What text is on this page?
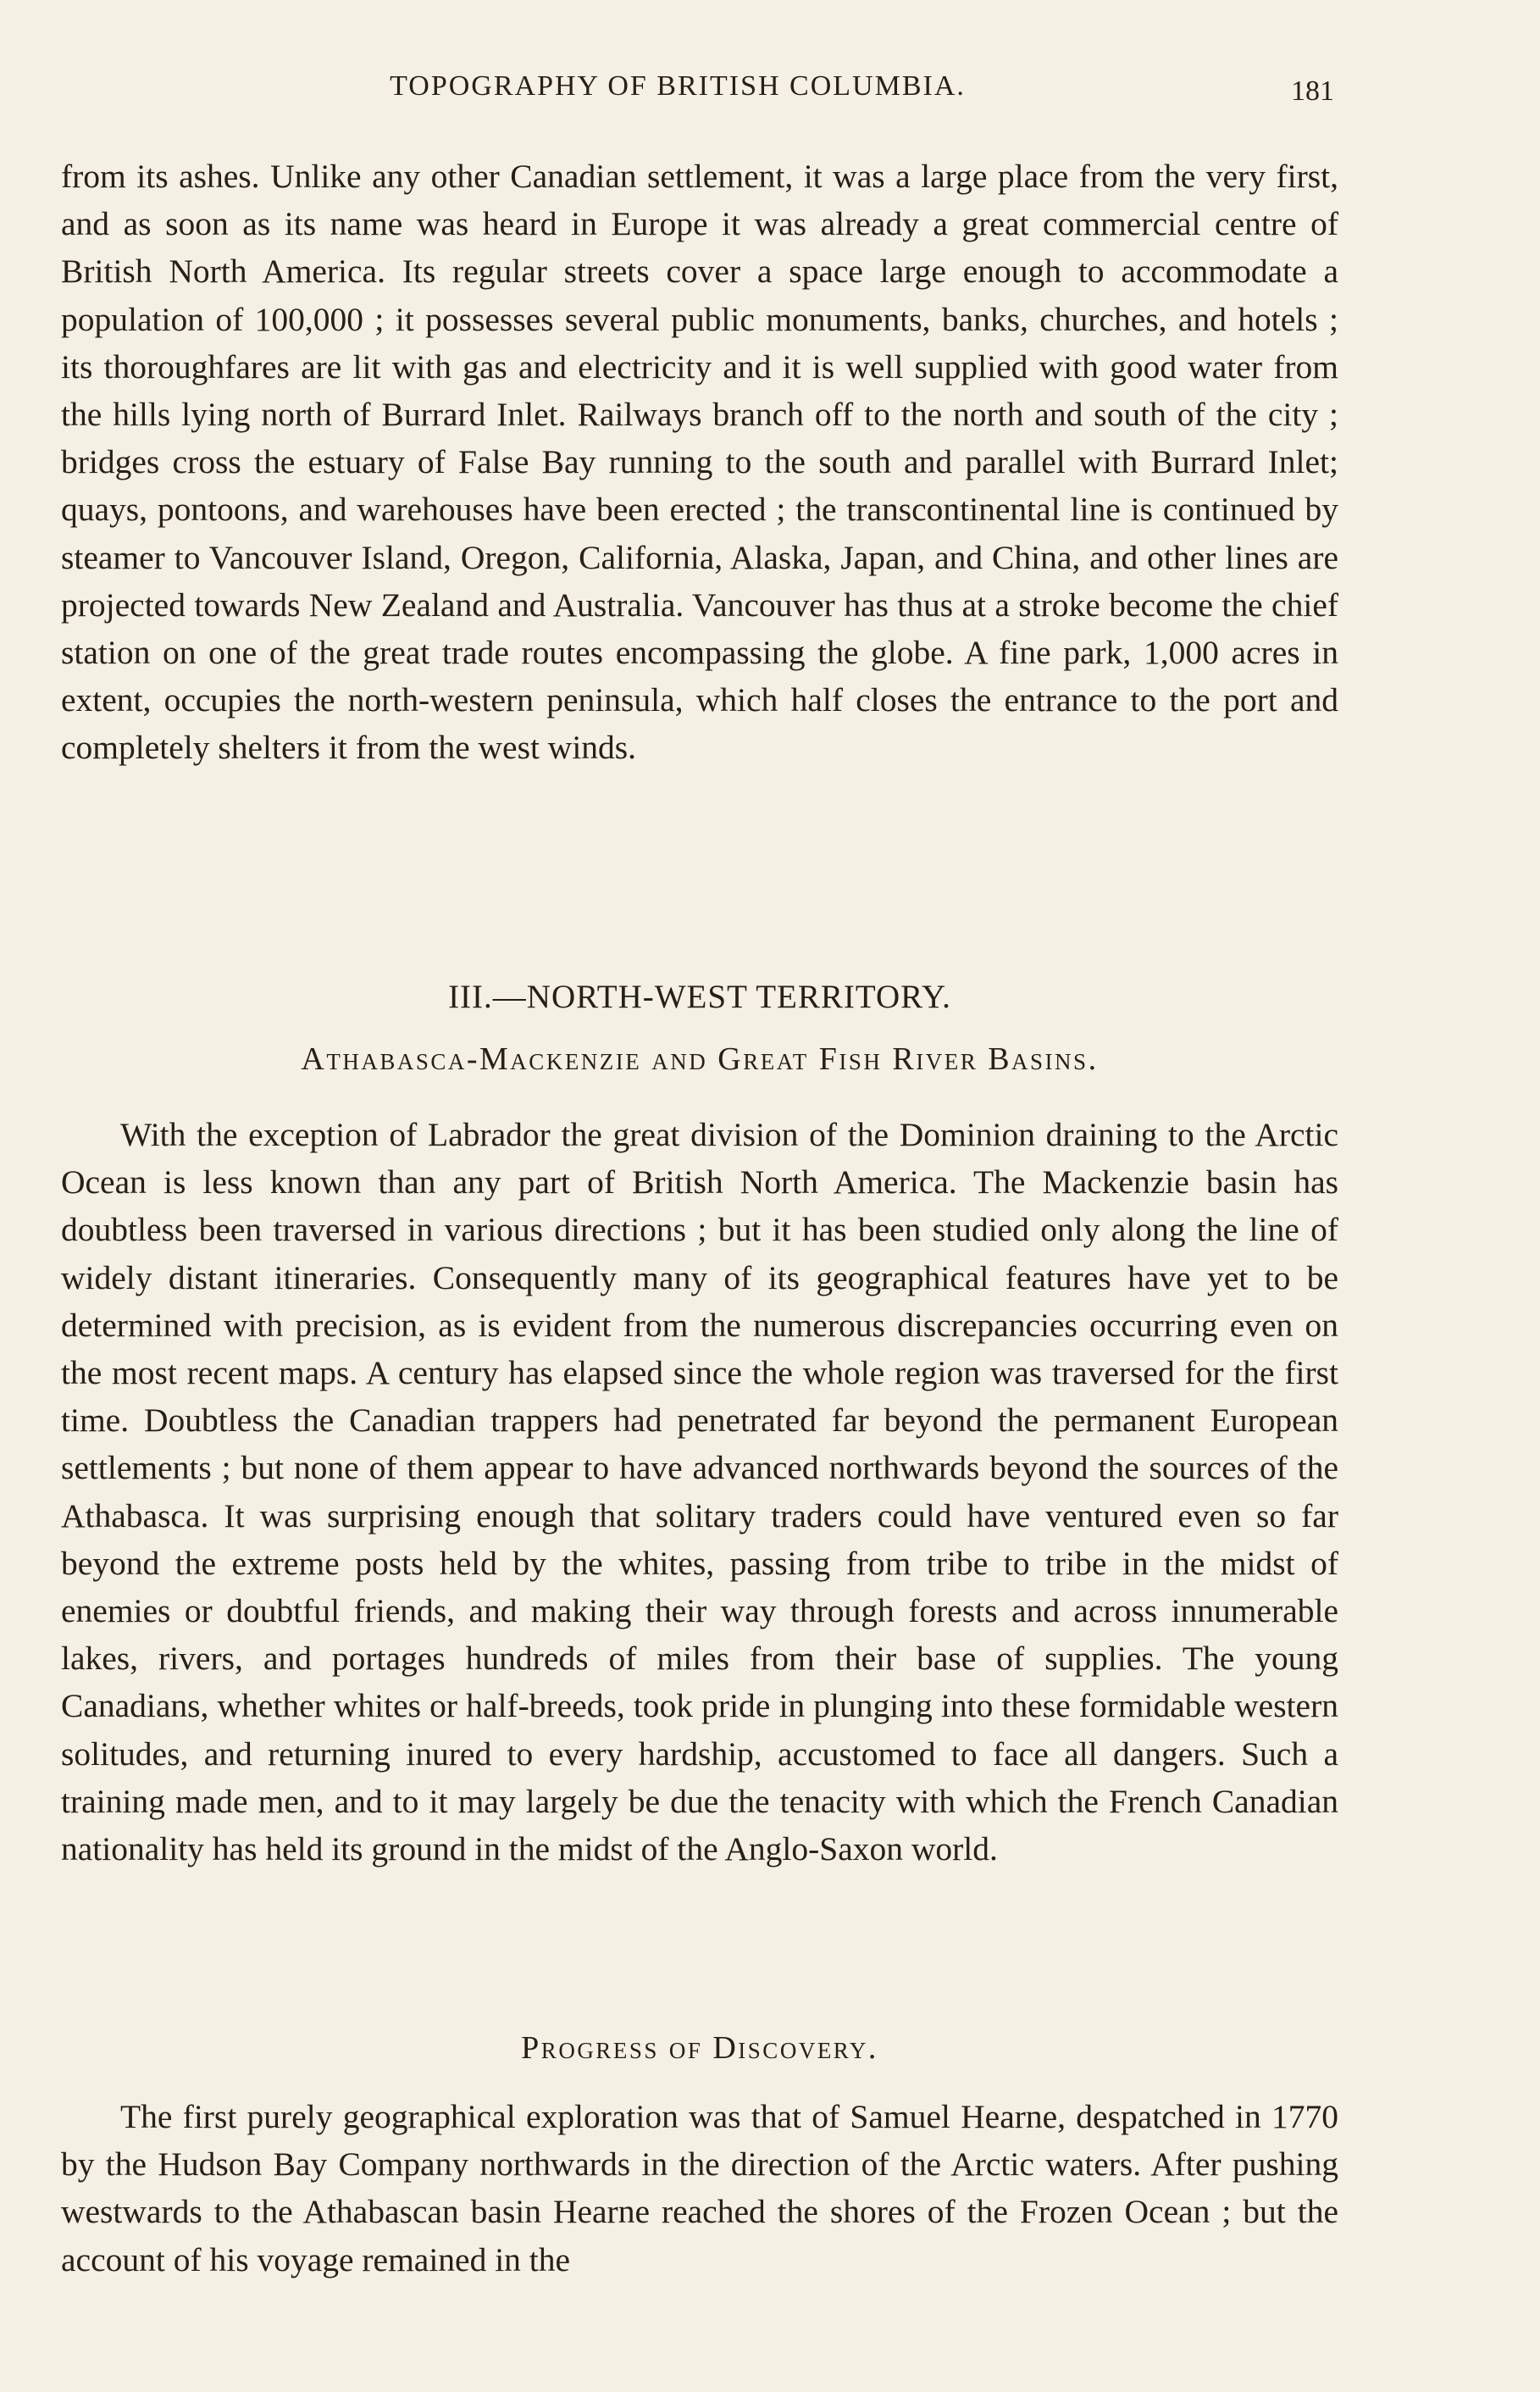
TOPOGRAPHY OF BRITISH COLUMBIA.	181

from its ashes. Unlike any other Canadian settlement, it was a large place from the very first, and as soon as its name was heard in Europe it was already a great commercial centre of British North America. Its regular streets cover a space large enough to accommodate a population of 100,000 ; it possesses several public monuments, banks, churches, and hotels ; its thoroughfares are lit with gas and electricity and it is well supplied with good water from the hills lying north of Burrard Inlet. Railways branch off to the north and south of the city ; bridges cross the estuary of False Bay running to the south and parallel with Burrard Inlet; quays, pontoons, and warehouses have been erected ; the transcontinental line is continued by steamer to Vancouver Island, Oregon, California, Alaska, Japan, and China, and other lines are projected towards New Zealand and Australia. Vancouver has thus at a stroke become the chief station on one of the great trade routes encompassing the globe. A fine park, 1,000 acres in extent, occupies the north-western peninsula, which half closes the entrance to the port and completely shelters it from the west winds.

III.—NORTH-WEST TERRITORY.
Athabasca-Mackenzie and Great Fish River Basins.

With the exception of Labrador the great division of the Dominion draining to the Arctic Ocean is less known than any part of British North America. The Mackenzie basin has doubtless been traversed in various directions ; but it has been studied only along the line of widely distant itineraries. Consequently many of its geographical features have yet to be determined with precision, as is evident from the numerous discrepancies occurring even on the most recent maps. A century has elapsed since the whole region was traversed for the first time. Doubtless the Canadian trappers had penetrated far beyond the permanent European settlements ; but none of them appear to have advanced northwards beyond the sources of the Athabasca. It was surprising enough that solitary traders could have ventured even so far beyond the extreme posts held by the whites, passing from tribe to tribe in the midst of enemies or doubtful friends, and making their way through forests and across innumerable lakes, rivers, and portages hundreds of miles from their base of supplies. The young Canadians, whether whites or half-breeds, took pride in plunging into these formidable western solitudes, and returning inured to every hardship, accustomed to face all dangers. Such a training made men, and to it may largely be due the tenacity with which the French Canadian nationality has held its ground in the midst of the Anglo-Saxon world.

Progress of Discovery.

The first purely geographical exploration was that of Samuel Hearne, despatched in 1770 by the Hudson Bay Company northwards in the direction of the Arctic waters. After pushing westwards to the Athabascan basin Hearne reached the shores of the Frozen Ocean ; but the account of his voyage remained in the
